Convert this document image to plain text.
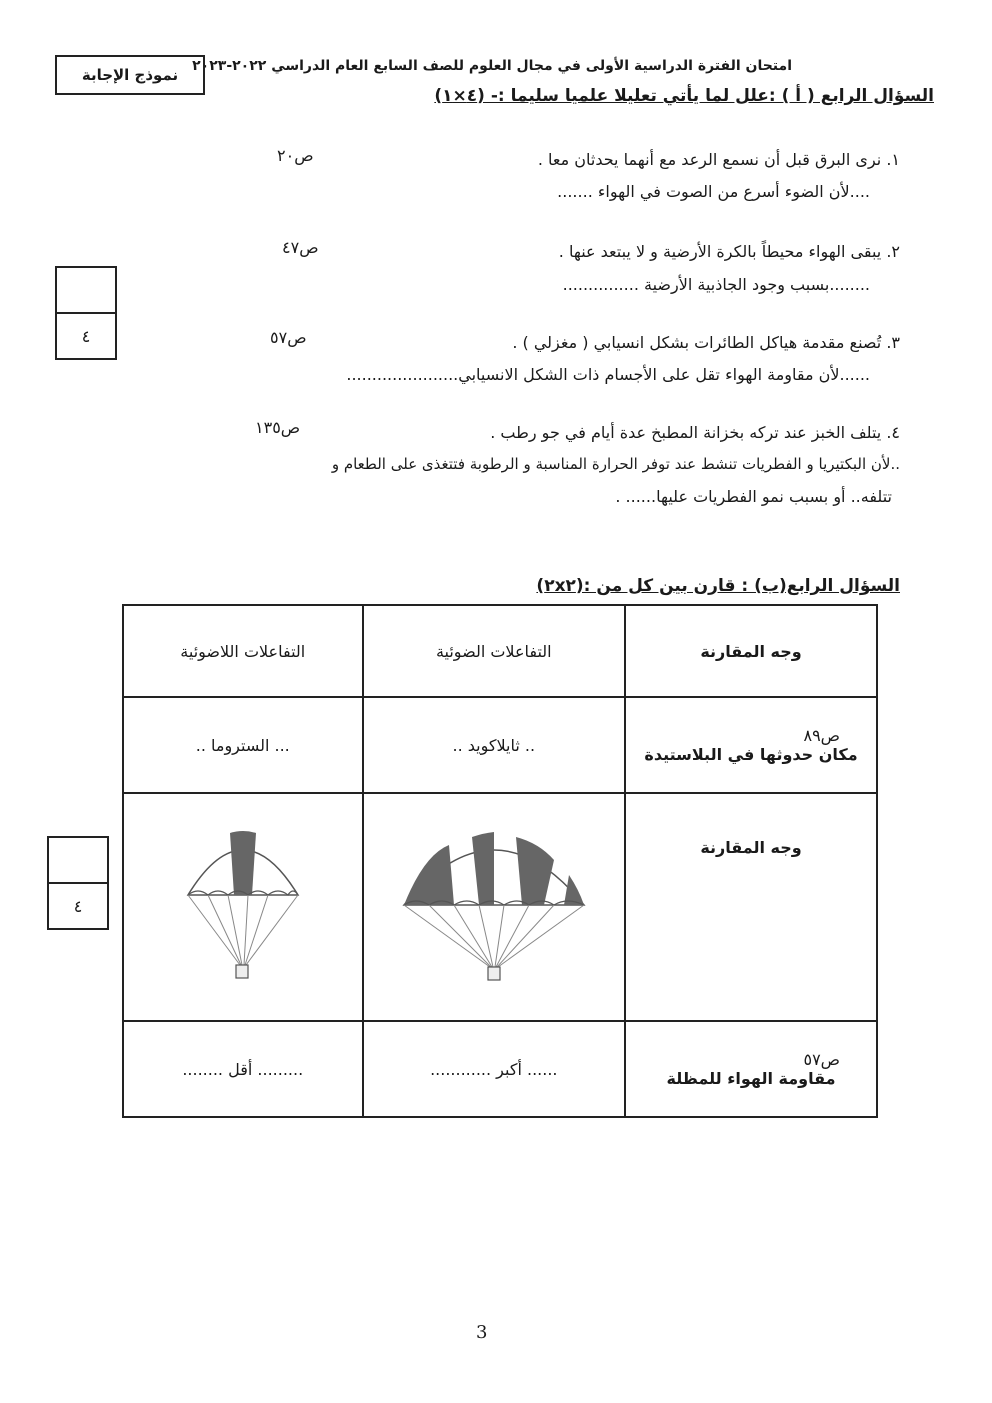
امتحان الفترة الدراسية الأولى في مجال العلوم للصف السابع العام الدراسي ٢٠٢٢-٢٠٢٣
نموذج الإجابة
السؤال الرابع ( أ ) :علل لما يأتي تعليلا علميا سليما :- (٤×١)
١. نرى البرق قبل أن نسمع الرعد مع أنهما يحدثان معا .
ص٢٠
....لأن الضوء أسرع من الصوت في الهواء .......
٢. يبقى الهواء محيطاً بالكرة الأرضية و لا يبتعد عنها .
ص٤٧
........بسبب وجود الجاذبية الأرضية ...............
٣. تُصنع مقدمة هياكل الطائرات بشكل انسيابي ( مغزلي ) .
ص٥٧
......لأن مقاومة الهواء تقل على الأجسام ذات الشكل الانسيابي......................
٤. يتلف الخبز عند تركه بخزانة المطبخ عدة أيام في جو رطب .
ص١٣٥
..لأن البكتيريا و الفطريات تنشط عند توفر الحرارة المناسبة و الرطوبة فتتغذى على الطعام و
تتلفه.. أو بسبب نمو الفطريات عليها...... .
٤
السؤال الرابع(ب) : قارن بين كل من :(٢x٢)
وجه المقارنة	التفاعلات الضوئية	التفاعلات اللاضوئية

ص٨٩
مكان حدوثها في البلاستيدة	.. ثايلاكويد ..	... الستروما ..
وجه المقارنة		

ص٥٧
مقاومة الهواء للمظلة	...... أكبر ............	......... أقل ........
٤
3
